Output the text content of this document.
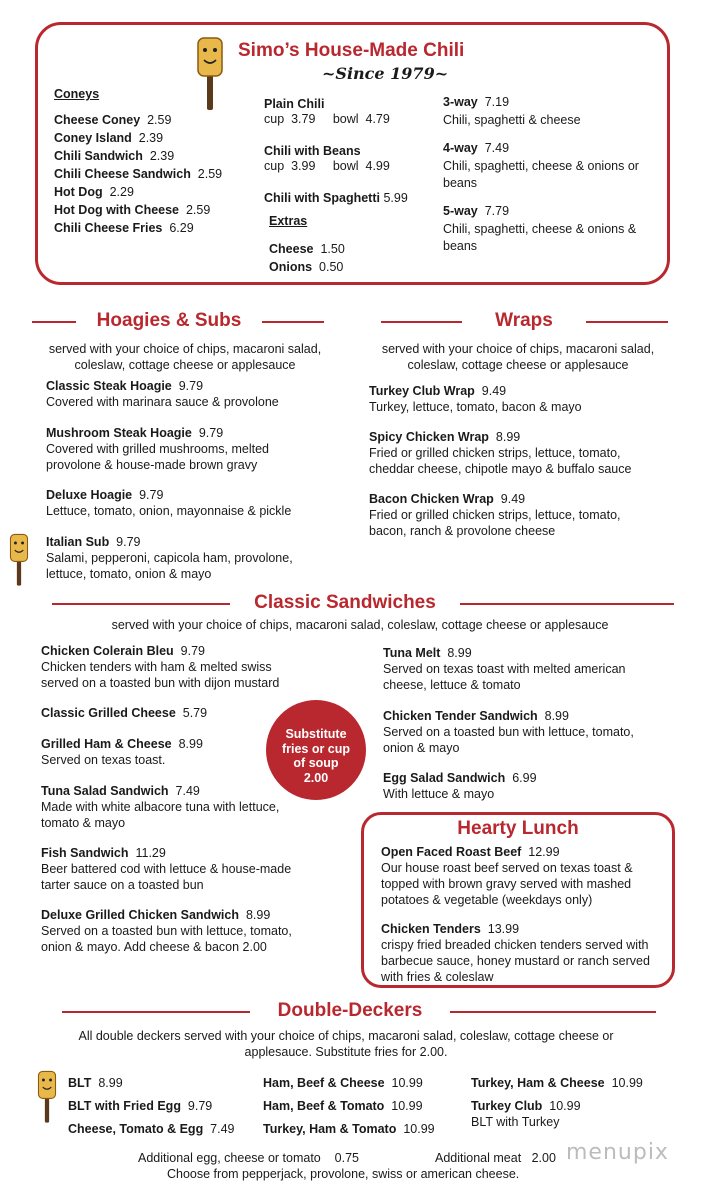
Simo’s House-Made Chili
~Since 1979~
Coneys
Cheese Coney 2.59
Coney Island 2.39
Chili Sandwich 2.39
Chili Cheese Sandwich 2.59
Hot Dog 2.29
Hot Dog with Cheese 2.59
Chili Cheese Fries 6.29
Plain Chili
cup 3.79 bowl 4.79
Chili with Beans
cup 3.99 bowl 4.99
Chili with Spaghetti 5.99
Extras
Cheese 1.50
Onions 0.50
3-way 7.19
Chili, spaghetti & cheese
4-way 7.49
Chili, spaghetti, cheese & onions or
beans
5-way 7.79
Chili, spaghetti, cheese & onions &
beans
Hoagies & Subs
served with your choice of chips, macaroni salad,
coleslaw, cottage cheese or applesauce
Classic Steak Hoagie 9.79
Covered with marinara sauce & provolone
Mushroom Steak Hoagie 9.79
Covered with grilled mushrooms, melted
provolone & house-made brown gravy
Deluxe Hoagie 9.79
Lettuce, tomato, onion, mayonnaise & pickle
Italian Sub 9.79
Salami, pepperoni, capicola ham, provolone,
lettuce, tomato, onion & mayo
Wraps
served with your choice of chips, macaroni salad,
coleslaw, cottage cheese or applesauce
Turkey Club Wrap 9.49
Turkey, lettuce, tomato, bacon & mayo
Spicy Chicken Wrap 8.99
Fried or grilled chicken strips, lettuce, tomato,
cheddar cheese, chipotle mayo & buffalo sauce
Bacon Chicken Wrap 9.49
Fried or grilled chicken strips, lettuce, tomato,
bacon, ranch & provolone cheese
Classic Sandwiches
served with your choice of chips, macaroni salad, coleslaw, cottage cheese or applesauce
Chicken Colerain Bleu 9.79
Chicken tenders with ham & melted swiss
served on a toasted bun with dijon mustard
Classic Grilled Cheese 5.79
Grilled Ham & Cheese 8.99
Served on texas toast.
Tuna Salad Sandwich 7.49
Made with white albacore tuna with lettuce,
tomato & mayo
Fish Sandwich 11.29
Beer battered cod with lettuce & house-made
tarter sauce on a toasted bun
Deluxe Grilled Chicken Sandwich 8.99
Served on a toasted bun with lettuce, tomato,
onion & mayo. Add cheese & bacon 2.00
Tuna Melt 8.99
Served on texas toast with melted american
cheese, lettuce & tomato
Chicken Tender Sandwich 8.99
Served on a toasted bun with lettuce, tomato,
onion & mayo
Egg Salad Sandwich 6.99
With lettuce & mayo
Substitute
fries or cup
of soup
2.00
Hearty Lunch
Open Faced Roast Beef 12.99
Our house roast beef served on texas toast &
topped with brown gravy served with mashed
potatoes & vegetable (weekdays only)
Chicken Tenders 13.99
crispy fried breaded chicken tenders served with
barbecue sauce, honey mustard or ranch served
with fries & coleslaw
Double-Deckers
All double deckers served with your choice of chips, macaroni salad, coleslaw, cottage cheese or
applesauce. Substitute fries for 2.00.
BLT 8.99
BLT with Fried Egg 9.79
Cheese, Tomato & Egg 7.49
Ham, Beef & Cheese 10.99
Ham, Beef & Tomato 10.99
Turkey, Ham & Tomato 10.99
Turkey, Ham & Cheese 10.99
Turkey Club 10.99
BLT with Turkey
Additional egg, cheese or tomato 0.75	Additional meat 2.00
Choose from pepperjack, provolone, swiss or american cheese.
menupix
